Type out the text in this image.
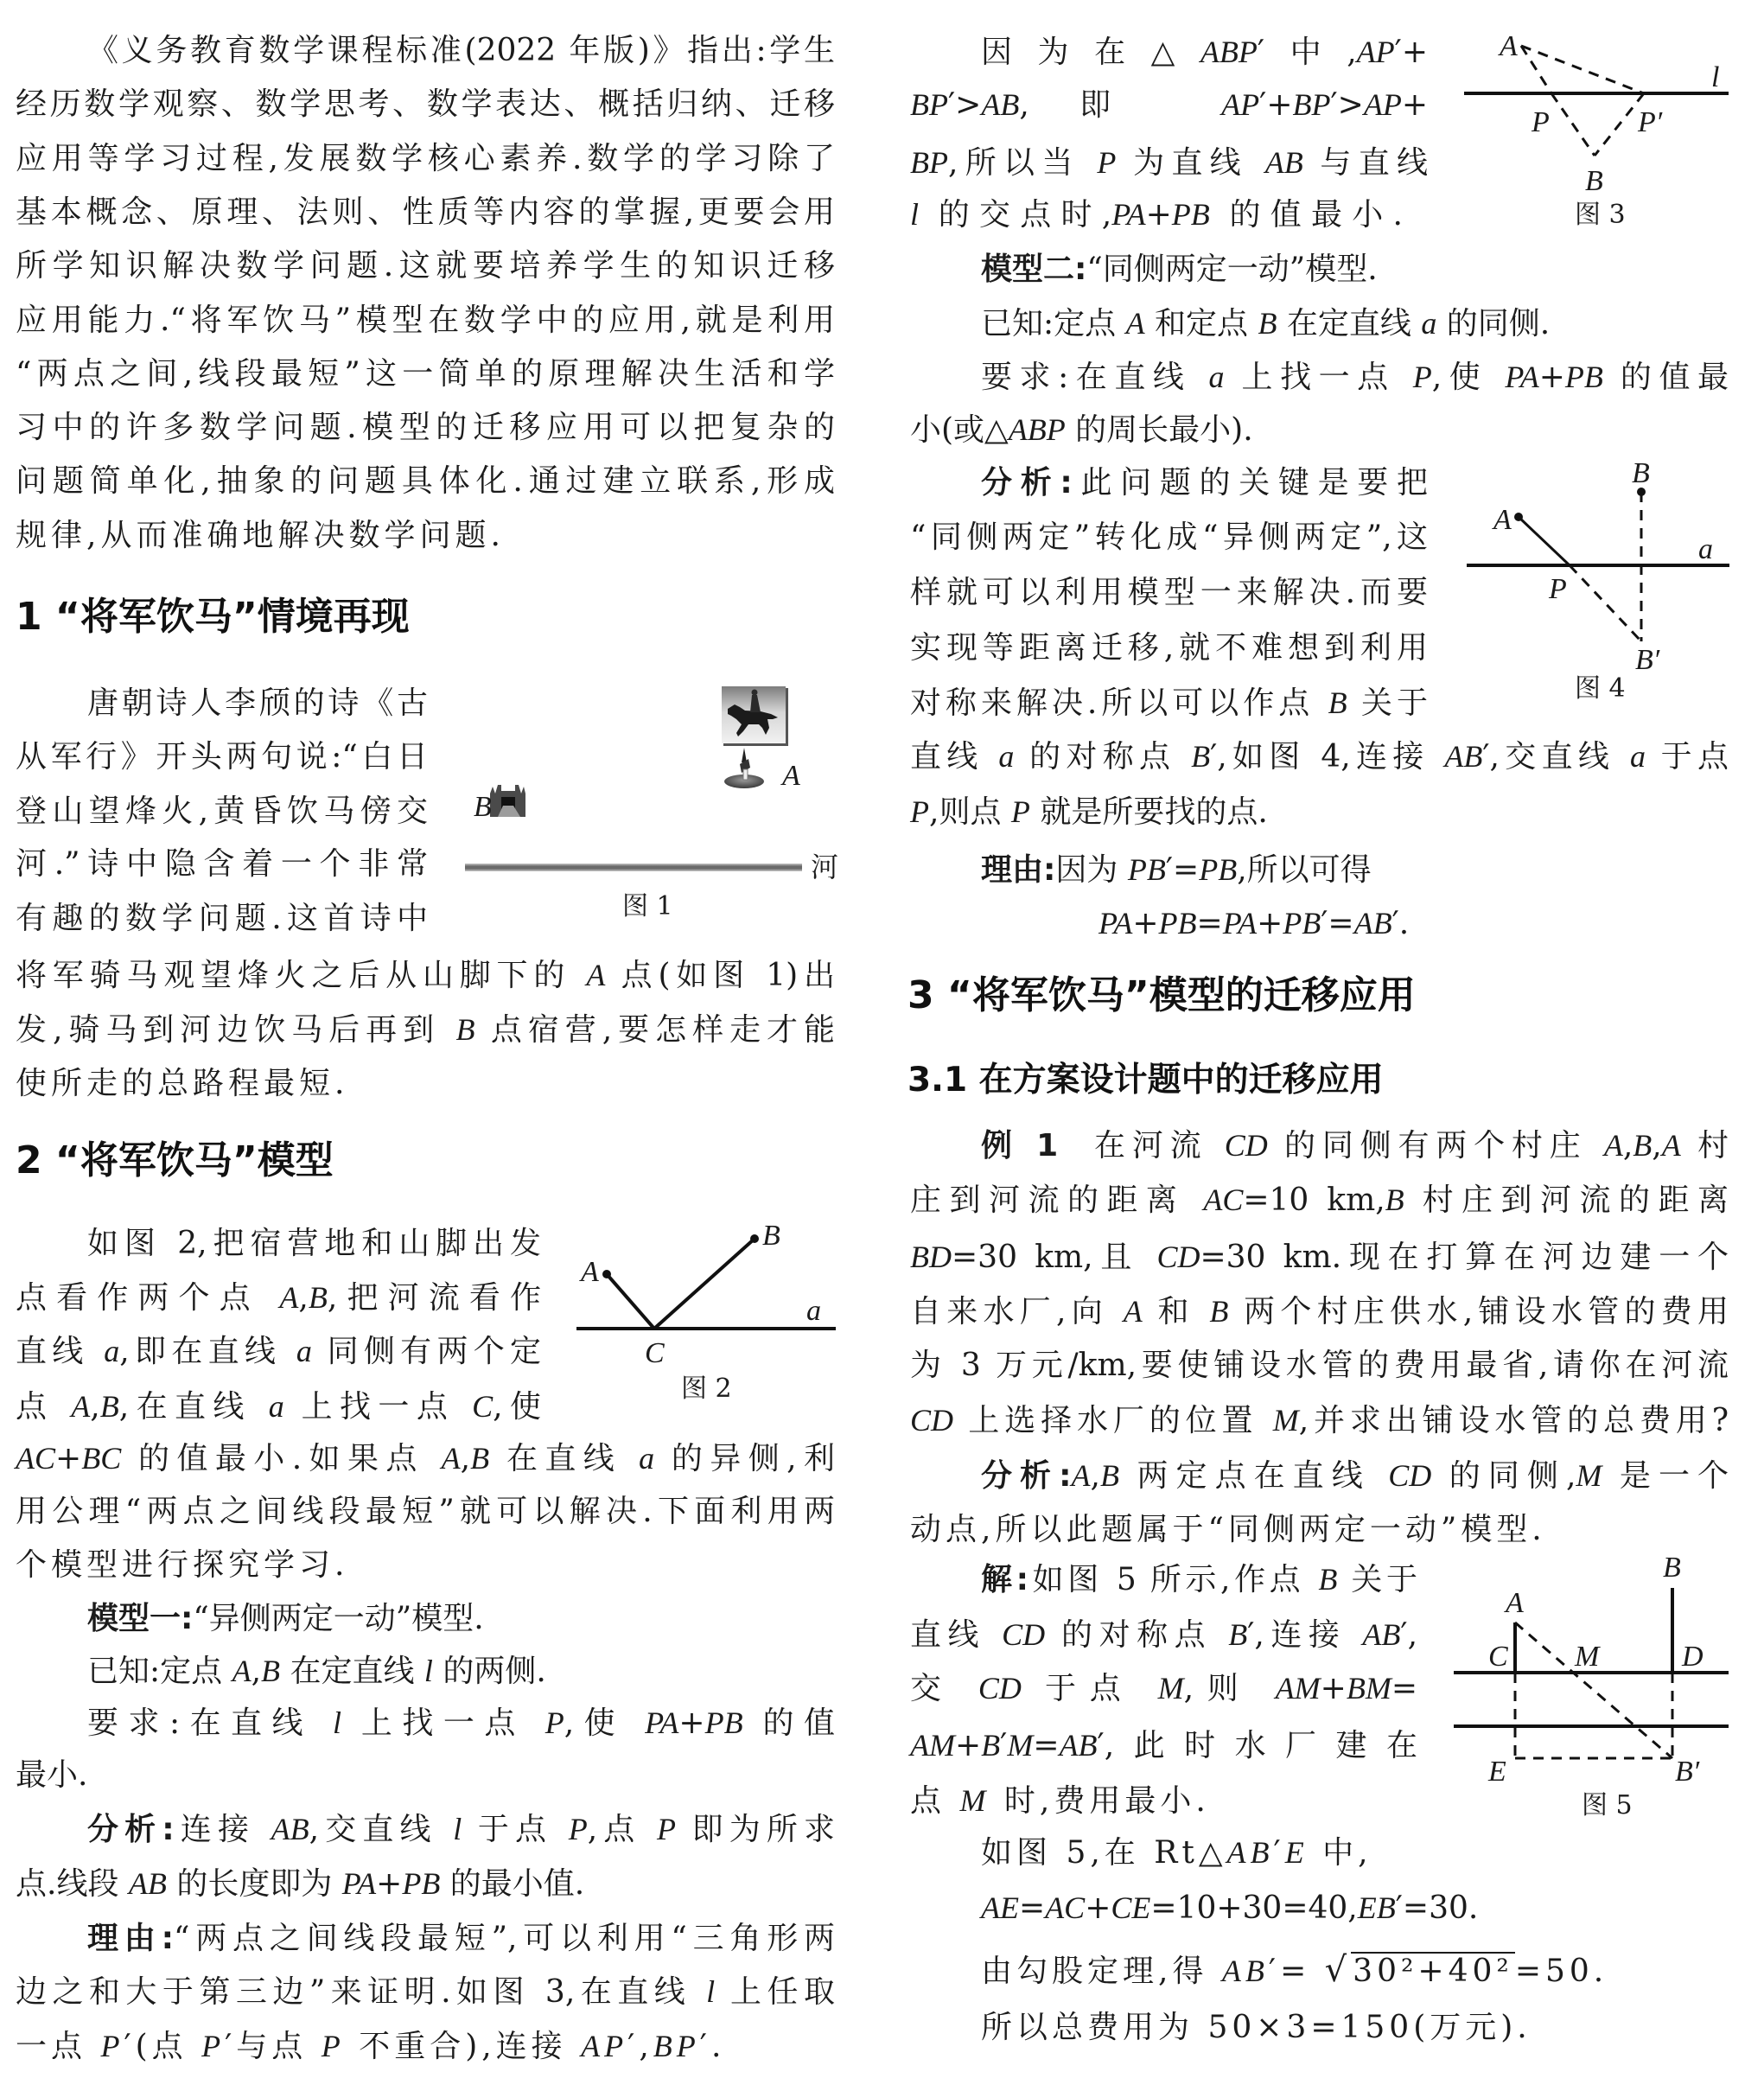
《义务教育数学课程标准(2022 年版)》指出:学生
经历数学观察、数学思考、数学表达、概括归纳、迁移
应用等学习过程,发展数学核心素养.数学的学习除了
基本概念、原理、法则、性质等内容的掌握,更要会用
所学知识解决数学问题.这就要培养学生的知识迁移
应用能力.“将军饮马”模型在数学中的应用,就是利用
“两点之间,线段最短”这一简单的原理解决生活和学
习中的许多数学问题.模型的迁移应用可以把复杂的
问题简单化,抽象的问题具体化.通过建立联系,形成
规律,从而准确地解决数学问题.
1 “将军饮马”情境再现
唐朝诗人李颀的诗《古
从军行》开头两句说:“白日
登山望烽火,黄昏饮马傍交
河.”诗中隐含着一个非常
有趣的数学问题.这首诗中
将军骑马观望烽火之后从山脚下的 A 点(如图 1)出
发,骑马到河边饮马后再到 B 点宿营,要怎样走才能
使所走的总路程最短.
A
B
河
图 1
2 “将军饮马”模型
如图 2,把宿营地和山脚出发
点看作两个点 A,B,把河流看作
直线 a,即在直线 a 同侧有两个定
点 A,B,在直线 a 上找一点 C,使
AC+BC 的值最小.如果点 A,B 在直线 a 的异侧,利
用公理“两点之间线段最短”就可以解决.下面利用两
个模型进行探究学习.
A
B
C
a
图 2
模型一:“异侧两定一动”模型.
已知:定点 A,B 在定直线 l 的两侧.
要求:在直线 l 上找一点 P,使 PA+PB 的值
最小.
分析:连接 AB,交直线 l 于点 P,点 P 即为所求
点.线段 AB 的长度即为 PA+PB 的最小值.
理由:“两点之间线段最短”,可以利用“三角形两
边之和大于第三边”来证明.如图 3,在直线 l 上任取
一点 P′(点 P′与点 P 不重合),连接 AP′,BP′.
因为在△ABP′中,AP′+
BP′>AB,即 AP′+BP′>AP+
BP,所以当 P 为直线 AB 与直线
l 的交点时,PA+PB 的值最小.
A
l
P	P′
B
图 3
模型二:“同侧两定一动”模型.
已知:定点 A 和定点 B 在定直线 a 的同侧.
要求:在直线 a 上找一点 P,使 PA+PB 的值最
小(或△ABP 的周长最小).
分析:此问题的关键是要把
“同侧两定”转化成“异侧两定”,这
样就可以利用模型一来解决.而要
实现等距离迁移,就不难想到利用
对称来解决.所以可以作点 B 关于
直线 a 的对称点 B′,如图 4,连接 AB′,交直线 a 于点
P,则点 P 就是所要找的点.
B
A
a
P
B′
图 4
理由:因为 PB′=PB,所以可得
PA+PB=PA+PB′=AB′.
3 “将军饮马”模型的迁移应用
3.1 在方案设计题中的迁移应用
例 1 在河流 CD 的同侧有两个村庄 A,B,A 村
庄到河流的距离 AC=10 km,B 村庄到河流的距离
BD=30 km,且 CD=30 km.现在打算在河边建一个
自来水厂,向 A 和 B 两个村庄供水,铺设水管的费用
为 3 万元/km,要使铺设水管的费用最省,请你在河流
CD 上选择水厂的位置 M,并求出铺设水管的总费用?
分析:A,B 两定点在直线 CD 的同侧,M 是一个
动点,所以此题属于“同侧两定一动”模型.
解:如图 5 所示,作点 B 关于
直线 CD 的对称点 B′,连接 AB′,
交 CD 于点 M,则 AM+BM=
AM+B′M=AB′,此时水厂建在
点 M 时,费用最小.
A
B
C M	D
E	B′
图 5
如图 5,在 Rt△AB′E 中,
AE=AC+CE=10+30=40,EB′=30.
由勾股定理,得 AB′= √30²+40²=50.
所以总费用为 50×3=150(万元).
